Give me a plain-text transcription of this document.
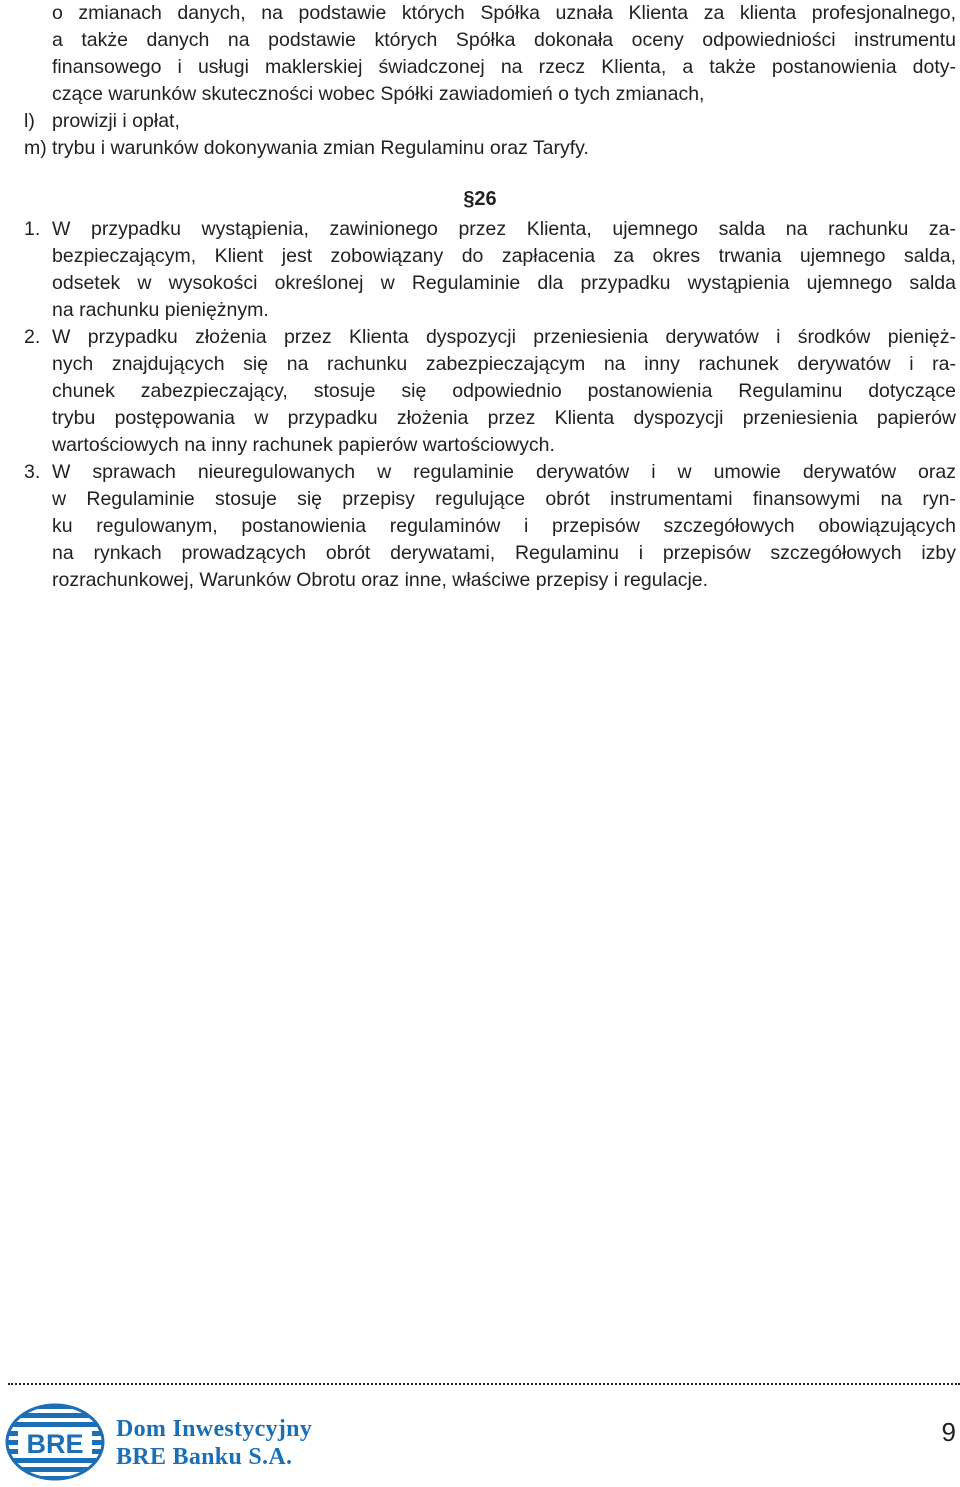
o zmianach danych, na podstawie których Spółka uznała Klienta za klienta profesjonalnego,
a także danych na podstawie których Spółka dokonała oceny odpowiedniości instrumentu
finansowego i usługi maklerskiej świadczonej na rzecz Klienta, a także postanowienia doty-
czące warunków skuteczności wobec Spółki zawiadomień o tych zmianach,
l) prowizji i opłat,
m) trybu i warunków dokonywania zmian Regulaminu oraz Taryfy.
§26
1. W przypadku wystąpienia, zawinionego przez Klienta, ujemnego salda na rachunku za-
bezpieczającym, Klient jest zobowiązany do zapłacenia za okres trwania ujemnego salda,
odsetek w wysokości określonej w Regulaminie dla przypadku wystąpienia ujemnego salda
na rachunku pieniężnym.
2. W przypadku złożenia przez Klienta dyspozycji przeniesienia derywatów i środków pienięż-
nych znajdujących się na rachunku zabezpieczającym na inny rachunek derywatów i ra-
chunek zabezpieczający, stosuje się odpowiednio postanowienia Regulaminu dotyczące
trybu postępowania w przypadku złożenia przez Klienta dyspozycji przeniesienia papierów
wartościowych na inny rachunek papierów wartościowych.
3. W sprawach nieuregulowanych w regulaminie derywatów i w umowie derywatów oraz
w Regulaminie stosuje się przepisy regulujące obrót instrumentami finansowymi na ryn-
ku regulowanym, postanowienia regulaminów i przepisów szczegółowych obowiązujących
na rynkach prowadzących obrót derywatami, Regulaminu i przepisów szczegółowych izby
rozrachunkowej, Warunków Obrotu oraz inne, właściwe przepisy i regulacje.
BRE Dom Inwestycyjny
BRE Banku S.A.
9
